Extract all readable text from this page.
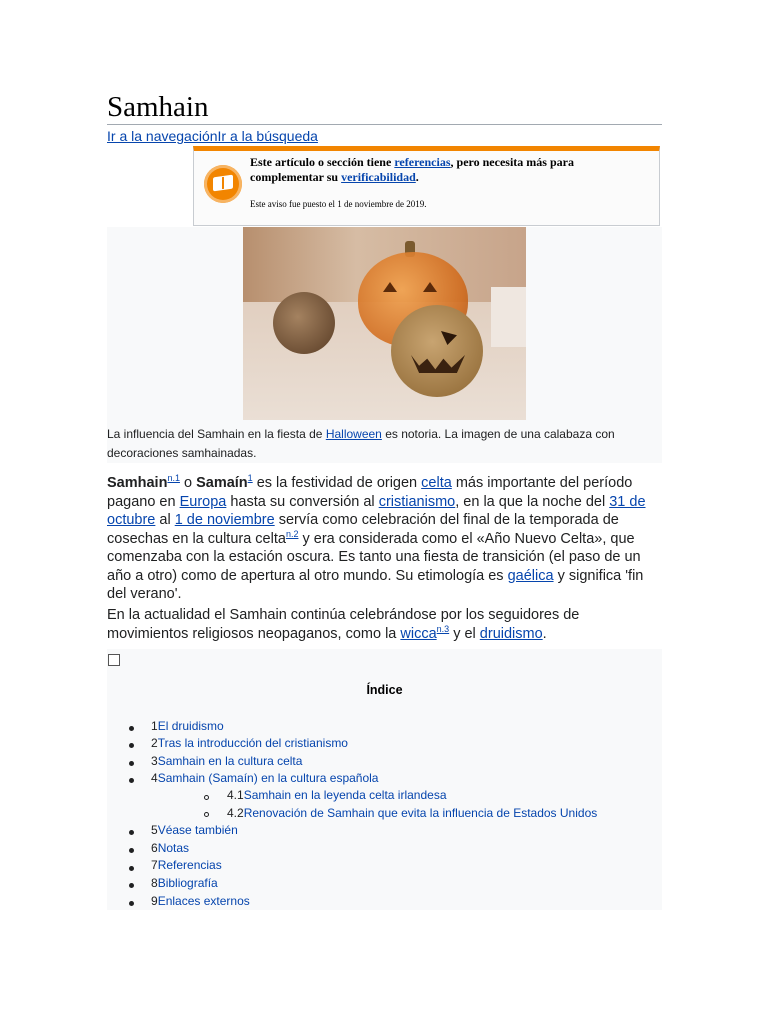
Samhain
Ir a la navegaciónIr a la búsqueda
Este artículo o sección tiene referencias, pero necesita más para complementar su verificabilidad.
Este aviso fue puesto el 1 de noviembre de 2019.
La influencia del Samhain en la fiesta de Halloween es notoria. La imagen de una calabaza con decoraciones samhainadas.

Samhain$^{n.1}$ o Samaín$^1$ es la festividad de origen celta más importante del período pagano en Europa hasta su conversión al cristianismo, en la que la noche del 31 de octubre al 1 de noviembre servía como celebración del final de la temporada de cosechas en la cultura celta$^{n.2}$ y era considerada como el «Año Nuevo Celta», que comenzaba con la estación oscura. Es tanto una fiesta de transición (el paso de un año a otro) como de apertura al otro mundo. Su etimología es gaélica y significa 'fin del verano'.

En la actualidad el Samhain continúa celebrándose por los seguidores de movimientos religiosos neopaganos, como la wicca$^{n.3}$ y el druidismo.

Índice
1El druidismo
2Tras la introducción del cristianismo
3Samhain en la cultura celta
4Samhain (Samaín) en la cultura española
4.1Samhain en la leyenda celta irlandesa
4.2Renovación de Samhain que evita la influencia de Estados Unidos
5Véase también
6Notas
7Referencias
8Bibliografía
9Enlaces externos
